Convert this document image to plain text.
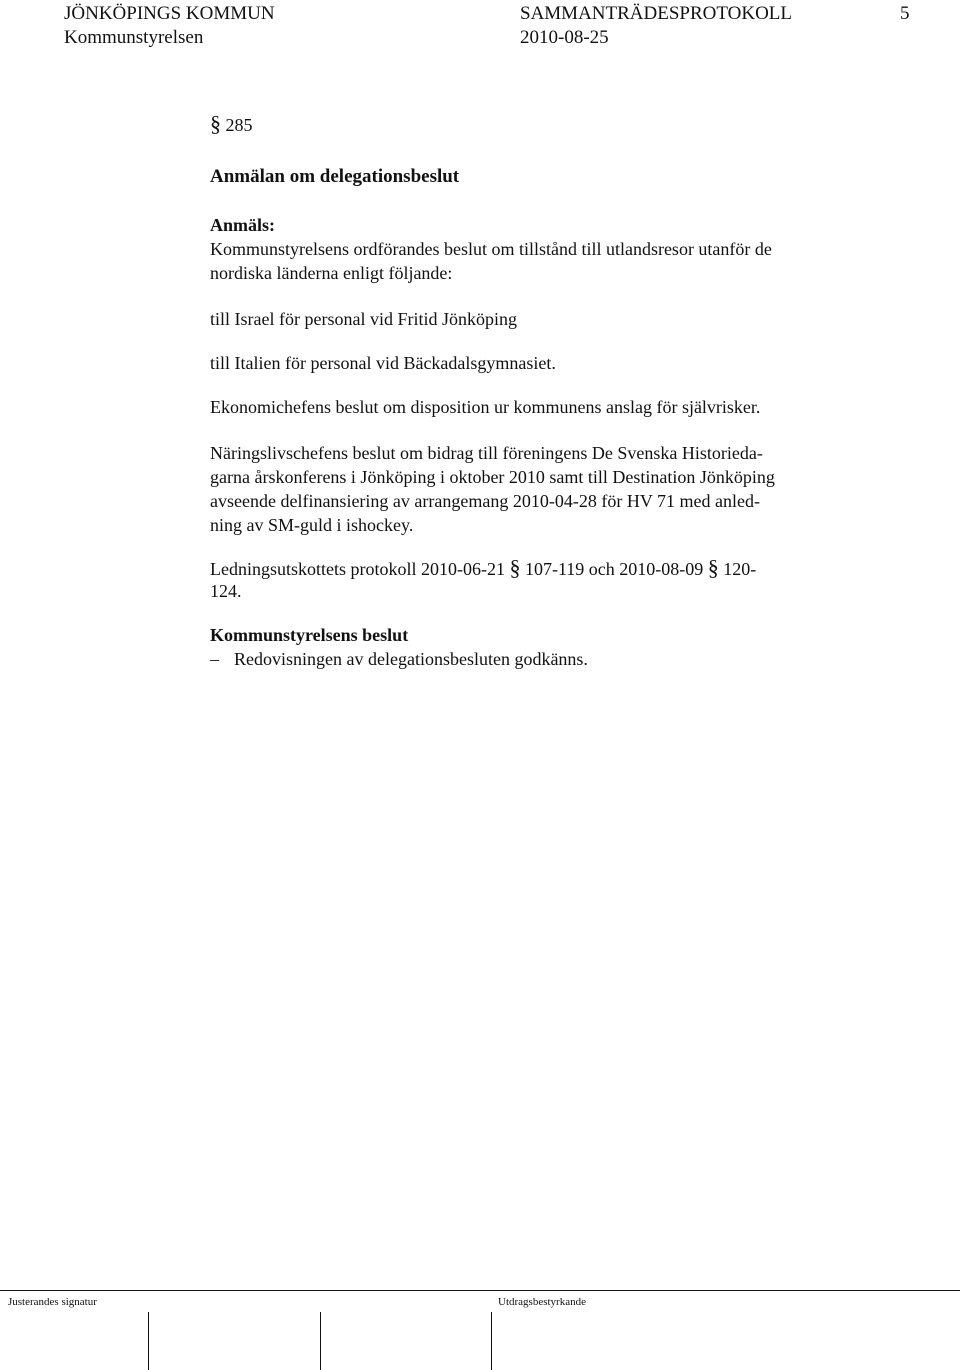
JÖNKÖPINGS KOMMUN	SAMMANTRÄDESPROTOKOLL	5
Kommunstyrelsen	2010-08-25
§ 285
Anmälan om delegationsbeslut
Anmäls:
Kommunstyrelsens ordförandes beslut om tillstånd till utlandsresor utanför de
nordiska länderna enligt följande:
till Israel för personal vid Fritid Jönköping
till Italien för personal vid Bäckadalsgymnasiet.
Ekonomichefens beslut om disposition ur kommunens anslag för självrisker.
Näringslivschefens beslut om bidrag till föreningens De Svenska Historieda-
garna årskonferens i Jönköping i oktober 2010 samt till Destination Jönköping
avseende delfinansiering av arrangemang 2010-04-28 för HV 71 med anled-
ning av SM-guld i ishockey.
Ledningsutskottets protokoll 2010-06-21 § 107-119 och 2010-08-09 § 120-
124.
Kommunstyrelsens beslut
– Redovisningen av delegationsbesluten godkänns.
Justerandes signatur	Utdragsbestyrkande
